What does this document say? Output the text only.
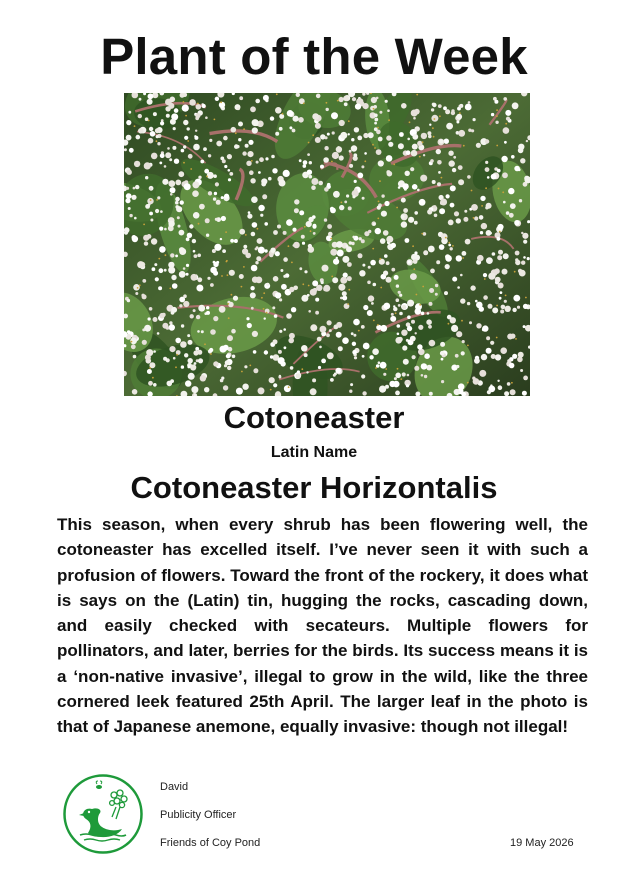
Plant of the Week
Cotoneaster
Latin Name
Cotoneaster Horizontalis

This season, when every shrub has been flowering well, the cotoneaster has excelled itself. I’ve never seen it with such a profusion of flowers. Toward the front of the rockery, it does what is says on the (Latin) tin, hugging the rocks, cascading down, and easily checked with secateurs. Multiple flowers for pollinators, and later, berries for the birds. Its success means it is a ‘non-native invasive’, illegal to grow in the wild, like the three cornered leek featured 25th April. The larger leaf in the photo is that of Japanese anemone, equally invasive: though not illegal!

David
Publicity Officer
Friends of Coy Pond	19 May 2026
